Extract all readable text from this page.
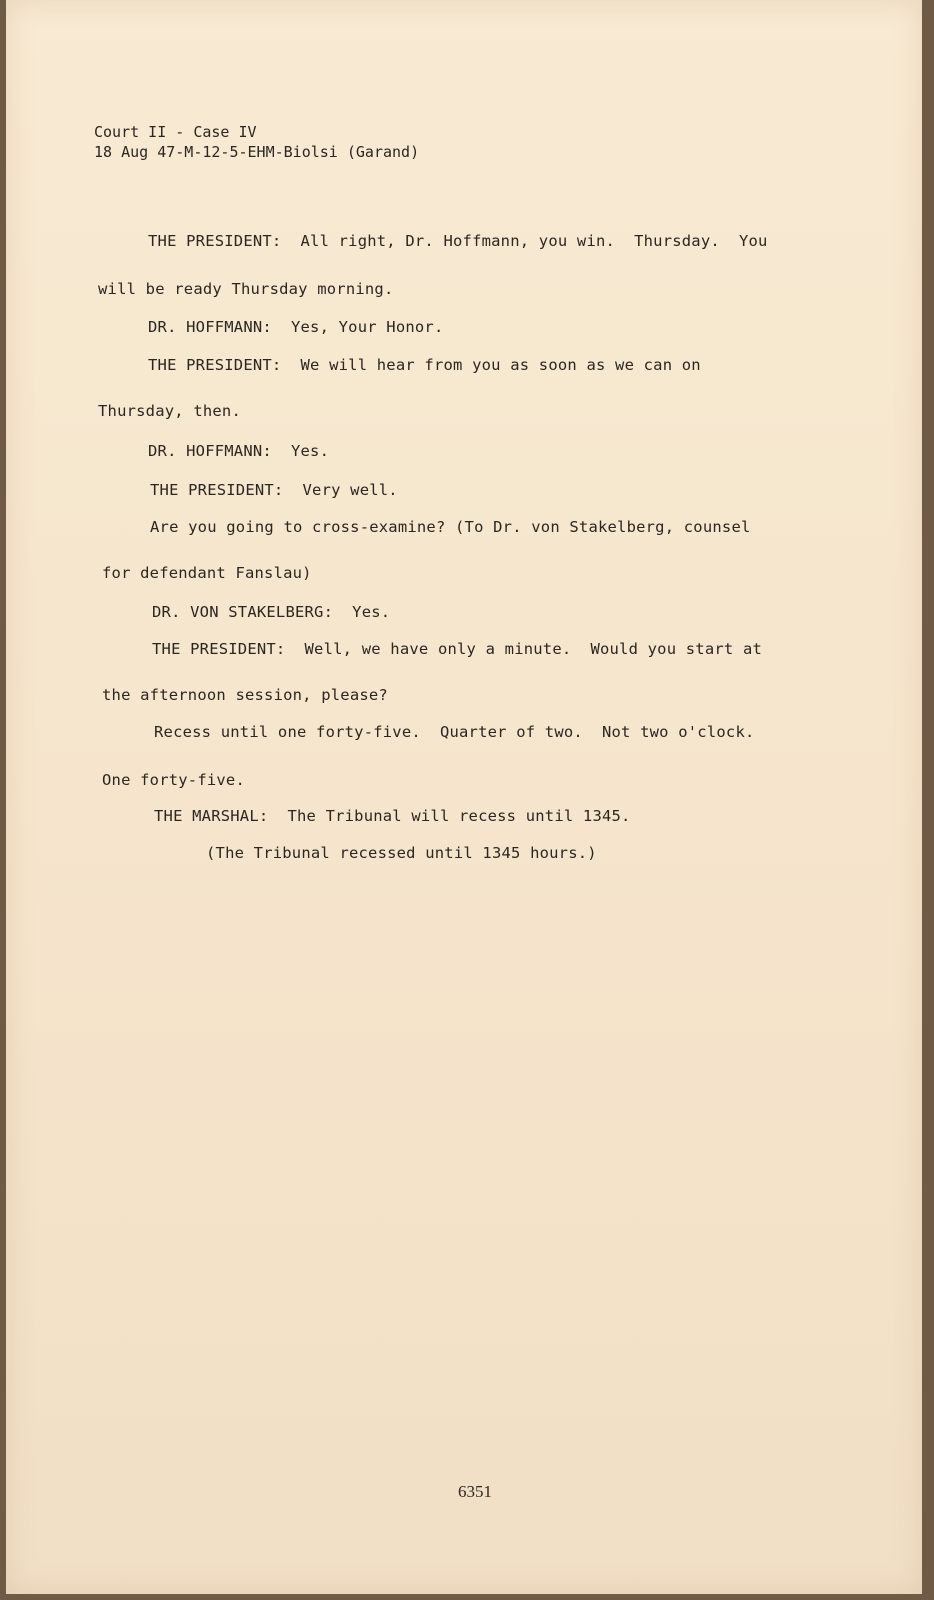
Court II - Case IV
18 Aug 47-M-12-5-EHM-Biolsi (Garand)
THE PRESIDENT:  All right, Dr. Hoffmann, you win.  Thursday.  You
will be ready Thursday morning.
DR. HOFFMANN:  Yes, Your Honor.
THE PRESIDENT:  We will hear from you as soon as we can on
Thursday, then.
DR. HOFFMANN:  Yes.
THE PRESIDENT:  Very well.
Are you going to cross-examine? (To Dr. von Stakelberg, counsel
for defendant Fanslau)
DR. VON STAKELBERG:  Yes.
THE PRESIDENT:  Well, we have only a minute.  Would you start at
the afternoon session, please?
Recess until one forty-five.  Quarter of two.  Not two o'clock.
One forty-five.
THE MARSHAL:  The Tribunal will recess until 1345.
(The Tribunal recessed until 1345 hours.)
6351
